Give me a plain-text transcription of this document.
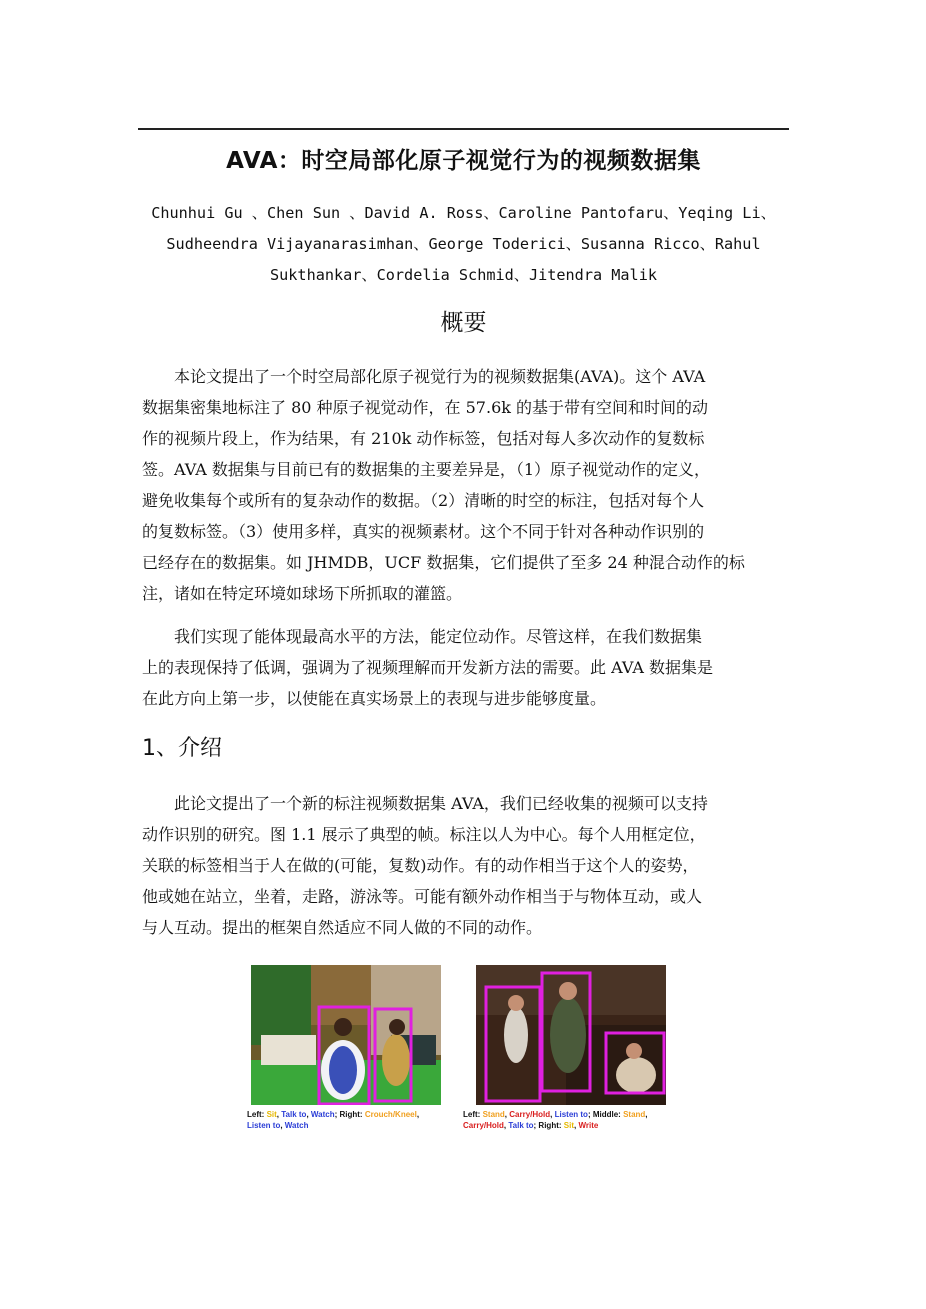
AVA：时空局部化原子视觉行为的视频数据集
Chunhui Gu 、Chen Sun 、David A. Ross、Caroline Pantofaru、Yeqing Li、
Sudheendra Vijayanarasimhan、George Toderici、Susanna Ricco、Rahul
Sukthankar、Cordelia Schmid、Jitendra Malik
概要
本论文提出了一个时空局部化原子视觉行为的视频数据集(AVA)。这个 AVA
数据集密集地标注了 80 种原子视觉动作，在 57.6k 的基于带有空间和时间的动
作的视频片段上，作为结果，有 210k 动作标签，包括对每人多次动作的复数标
签。AVA 数据集与目前已有的数据集的主要差异是，（1）原子视觉动作的定义，
避免收集每个或所有的复杂动作的数据。（2）清晰的时空的标注，包括对每个人
的复数标签。（3）使用多样，真实的视频素材。这个不同于针对各种动作识别的
已经存在的数据集。如 JHMDB，UCF 数据集，它们提供了至多 24 种混合动作的标
注，诸如在特定环境如球场下所抓取的灌篮。
我们实现了能体现最高水平的方法，能定位动作。尽管这样，在我们数据集
上的表现保持了低调，强调为了视频理解而开发新方法的需要。此 AVA 数据集是
在此方向上第一步，以使能在真实场景上的表现与进步能够度量。
1、介绍
此论文提出了一个新的标注视频数据集 AVA，我们已经收集的视频可以支持
动作识别的研究。图 1.1 展示了典型的帧。标注以人为中心。每个人用框定位，
关联的标签相当于人在做的(可能，复数)动作。有的动作相当于这个人的姿势，
他或她在站立，坐着，走路，游泳等。可能有额外动作相当于与物体互动，或人
与人互动。提出的框架自然适应不同人做的不同的动作。
Left: Sit, Talk to, Watch; Right: Crouch/Kneel,
Listen to, Watch
Left: Stand, Carry/Hold, Listen to; Middle: Stand,
Carry/Hold, Talk to; Right: Sit, Write
